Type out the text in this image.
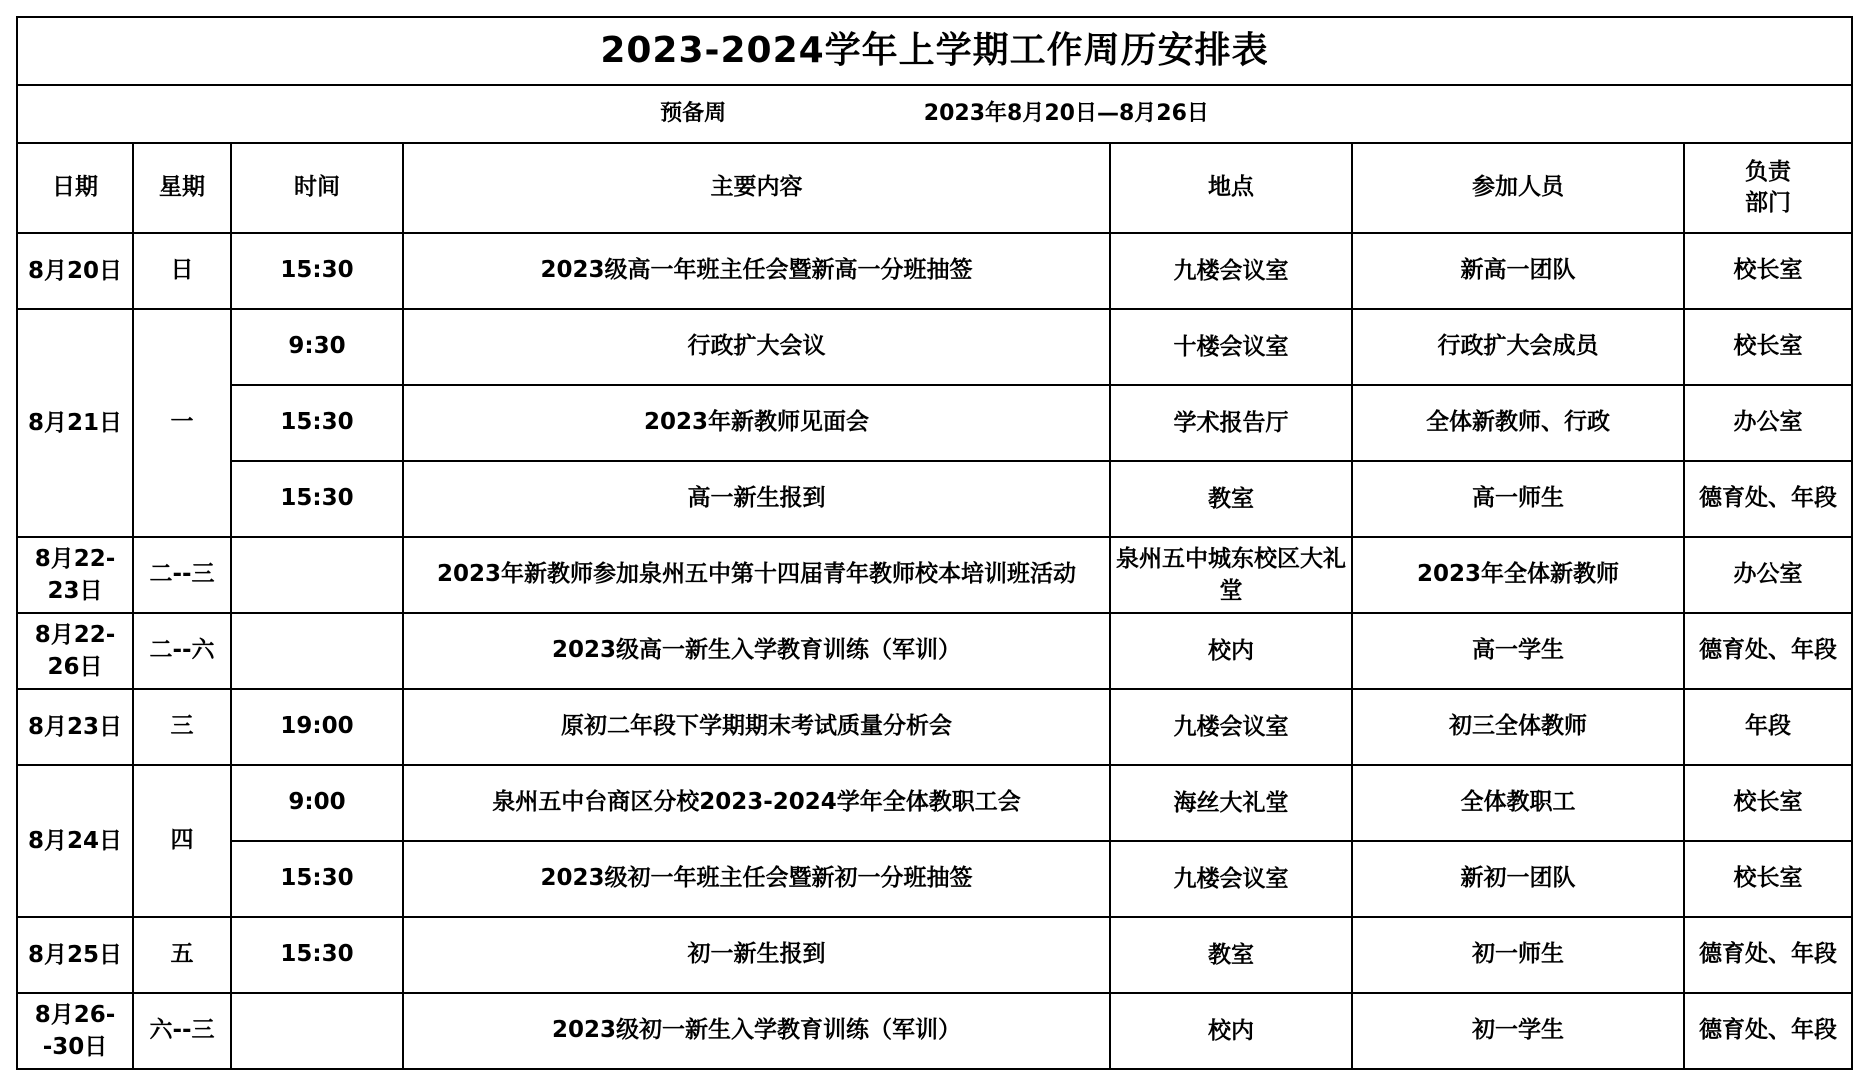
2023-2024学年上学期工作周历安排表						
预备周 2023年8月20日—8月26日						
日期	星期	时间	主要内容	地点	参加人员	负责
部门

8月20日	日	15:30	2023级高一年班主任会暨新高一分班抽签	九楼会议室	新高一团队	校长室
8月21日	一	9:30	行政扩大会议	十楼会议室	行政扩大会成员	校长室
		15:30	2023年新教师见面会	学术报告厅	全体新教师、行政	办公室
		15:30	高一新生报到	教室	高一师生	德育处、年段
8月22-23日	二--三		2023年新教师参加泉州五中第十四届青年教师校本培训班活动	泉州五中城东校区大礼堂	2023年全体新教师	办公室
8月22-26日	二--六		2023级高一新生入学教育训练（军训）	校内	高一学生	德育处、年段
8月23日	三	19:00	原初二年段下学期期末考试质量分析会	九楼会议室	初三全体教师	年段
8月24日	四	9:00	泉州五中台商区分校2023-2024学年全体教职工会	海丝大礼堂	全体教职工	校长室
		15:30	2023级初一年班主任会暨新初一分班抽签	九楼会议室	新初一团队	校长室
8月25日	五	15:30	初一新生报到	教室	初一师生	德育处、年段
8月26--30日	六--三		2023级初一新生入学教育训练（军训）	校内	初一学生	德育处、年段
